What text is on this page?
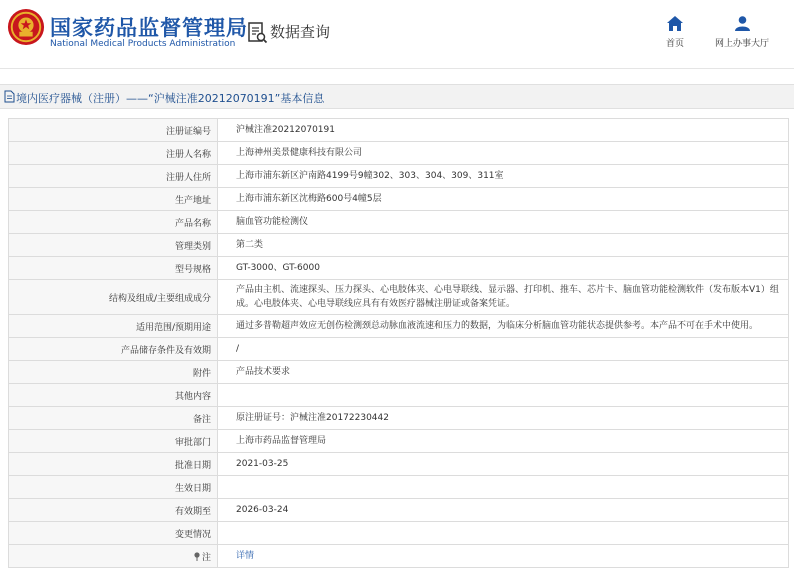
国家药品监督管理局
National Medical Products Administration
数据查询
首页	网上办事大厅
境内医疗器械（注册）——“沪械注准20212070191”基本信息
注册证编号	沪械注准20212070191
注册人名称	上海神州美景健康科技有限公司
注册人住所	上海市浦东新区沪南路4199号9幢302、303、304、309、311室
生产地址	上海市浦东新区沈梅路600号4幢5层
产品名称	脑血管功能检测仪
管理类别	第二类
型号规格	GT-3000、GT-6000
结构及组成/主要组成成分	产品由主机、流速探头、压力探头、心电肢体夹、心电导联线、显示器、打印机、推车、芯片卡、脑血管功能检测软件（发布版本V1）组成。心电肢体夹、心电导联线应具有有效医疗器械注册证或备案凭证。
适用范围/预期用途	通过多普勒超声效应无创伤检测颈总动脉血液流速和压力的数据，为临床分析脑血管功能状态提供参考。本产品不可在手术中使用。
产品储存条件及有效期	/
附件	产品技术要求
其他内容	
备注	原注册证号：沪械注准20172230442
审批部门	上海市药品监督管理局
批准日期	2021-03-25
生效日期	
有效期至	2026-03-24
变更情况	
注	详情
